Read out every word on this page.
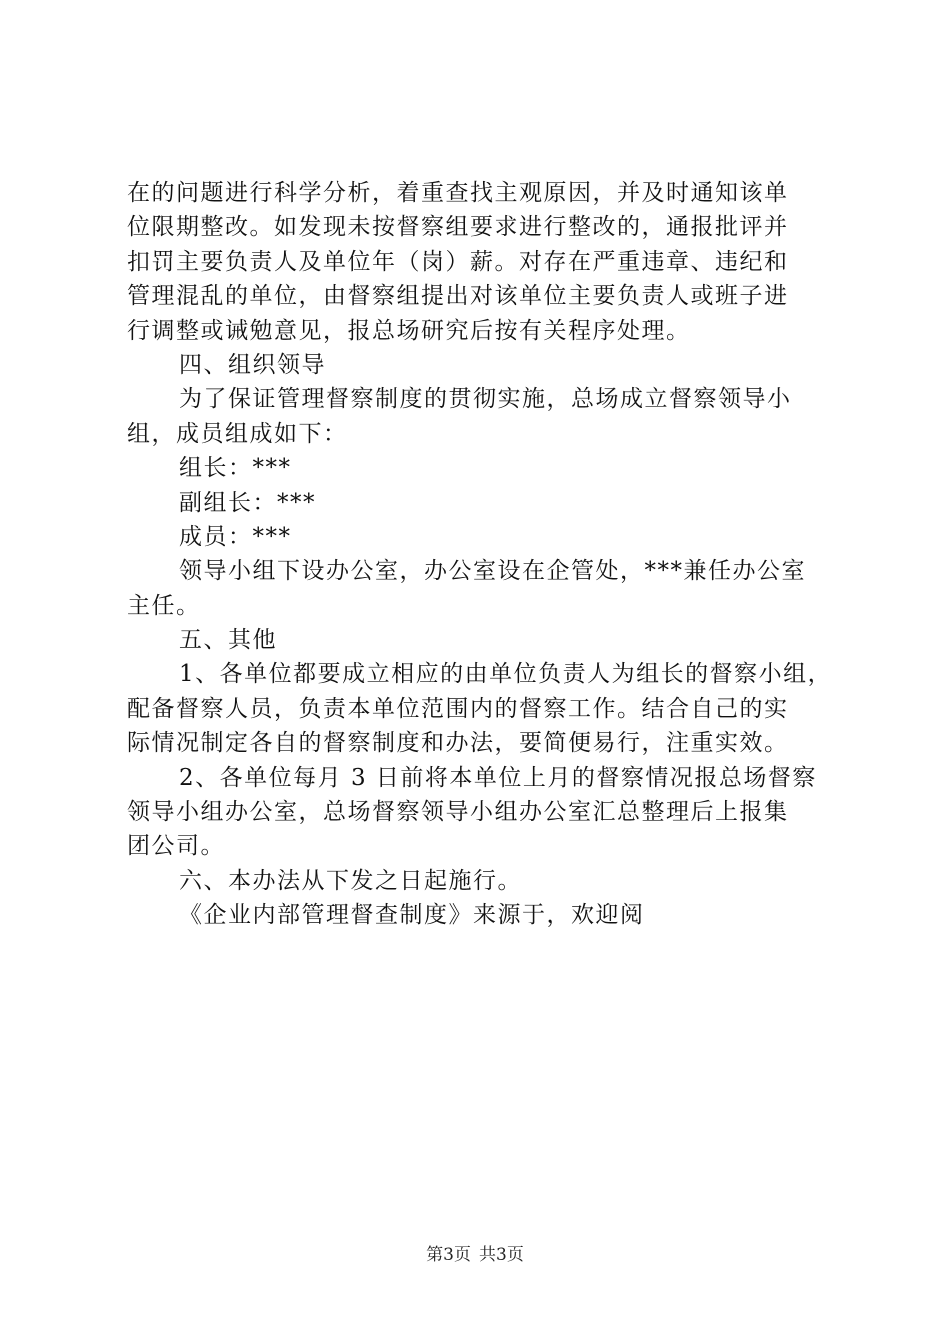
在的问题进行科学分析，着重查找主观原因，并及时通知该单
位限期整改。如发现未按督察组要求进行整改的，通报批评并
扣罚主要负责人及单位年（岗）薪。对存在严重违章、违纪和
管理混乱的单位，由督察组提出对该单位主要负责人或班子进
行调整或诫勉意见，报总场研究后按有关程序处理。
四、组织领导
为了保证管理督察制度的贯彻实施，总场成立督察领导小
组，成员组成如下：
组长：***
副组长：***
成员：***
领导小组下设办公室，办公室设在企管处，***兼任办公室
主任。
五、其他
1、各单位都要成立相应的由单位负责人为组长的督察小组，
配备督察人员，负责本单位范围内的督察工作。结合自己的实
际情况制定各自的督察制度和办法，要简便易行，注重实效。
2、各单位每月 3 日前将本单位上月的督察情况报总场督察
领导小组办公室，总场督察领导小组办公室汇总整理后上报集
团公司。
六、本办法从下发之日起施行。
《企业内部管理督查制度》来源于，欢迎阅
第3页 共3页
